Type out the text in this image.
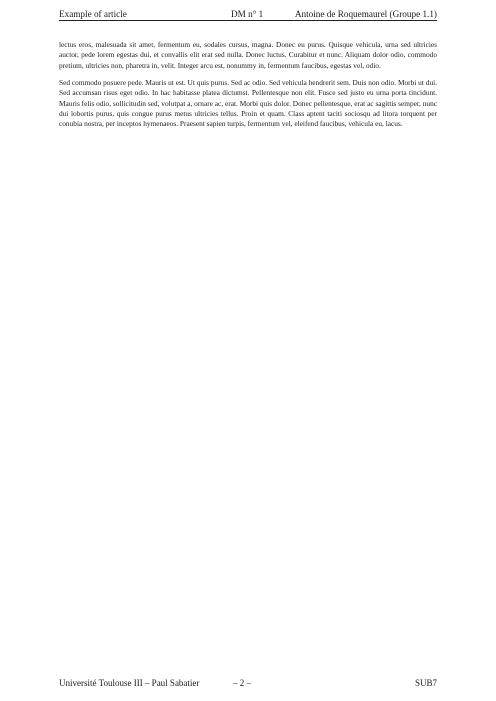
Example of article	DM n° 1	Antoine de Roquemaurel (Groupe 1.1)

lectus eros, malesuada sit amet, fermentum eu, sodales cursus, magna. Donec eu purus. Quisque vehicula, urna sed ultricies auctor, pede lorem egestas dui, et convallis elit erat sed nulla. Donec luctus. Curabitur et nunc. Aliquam dolor odio, commodo pretium, ultricies non, pharetra in, velit. Integer arcu est, nonummy in, fermentum faucibus, egestas vel, odio.

Sed commodo posuere pede. Mauris ut est. Ut quis purus. Sed ac odio. Sed vehicula hendrerit sem. Duis non odio. Morbi ut dui. Sed accumsan risus eget odio. In hac habitasse platea dictumst. Pellentesque non elit. Fusce sed justo eu urna porta tincidunt. Mauris felis odio, sollicitudin sed, volutpat a, ornare ac, erat. Morbi quis dolor. Donec pellentesque, erat ac sagittis semper, nunc dui lobortis purus, quis congue purus metus ultricies tellus. Proin et quam. Class aptent taciti sociosqu ad litora torquent per conubia nostra, per inceptos hymenaeos. Praesent sapien turpis, fermentum vel, eleifend faucibus, vehicula eu, lacus.

Université Toulouse III – Paul Sabatier	– 2 –	SUB7
